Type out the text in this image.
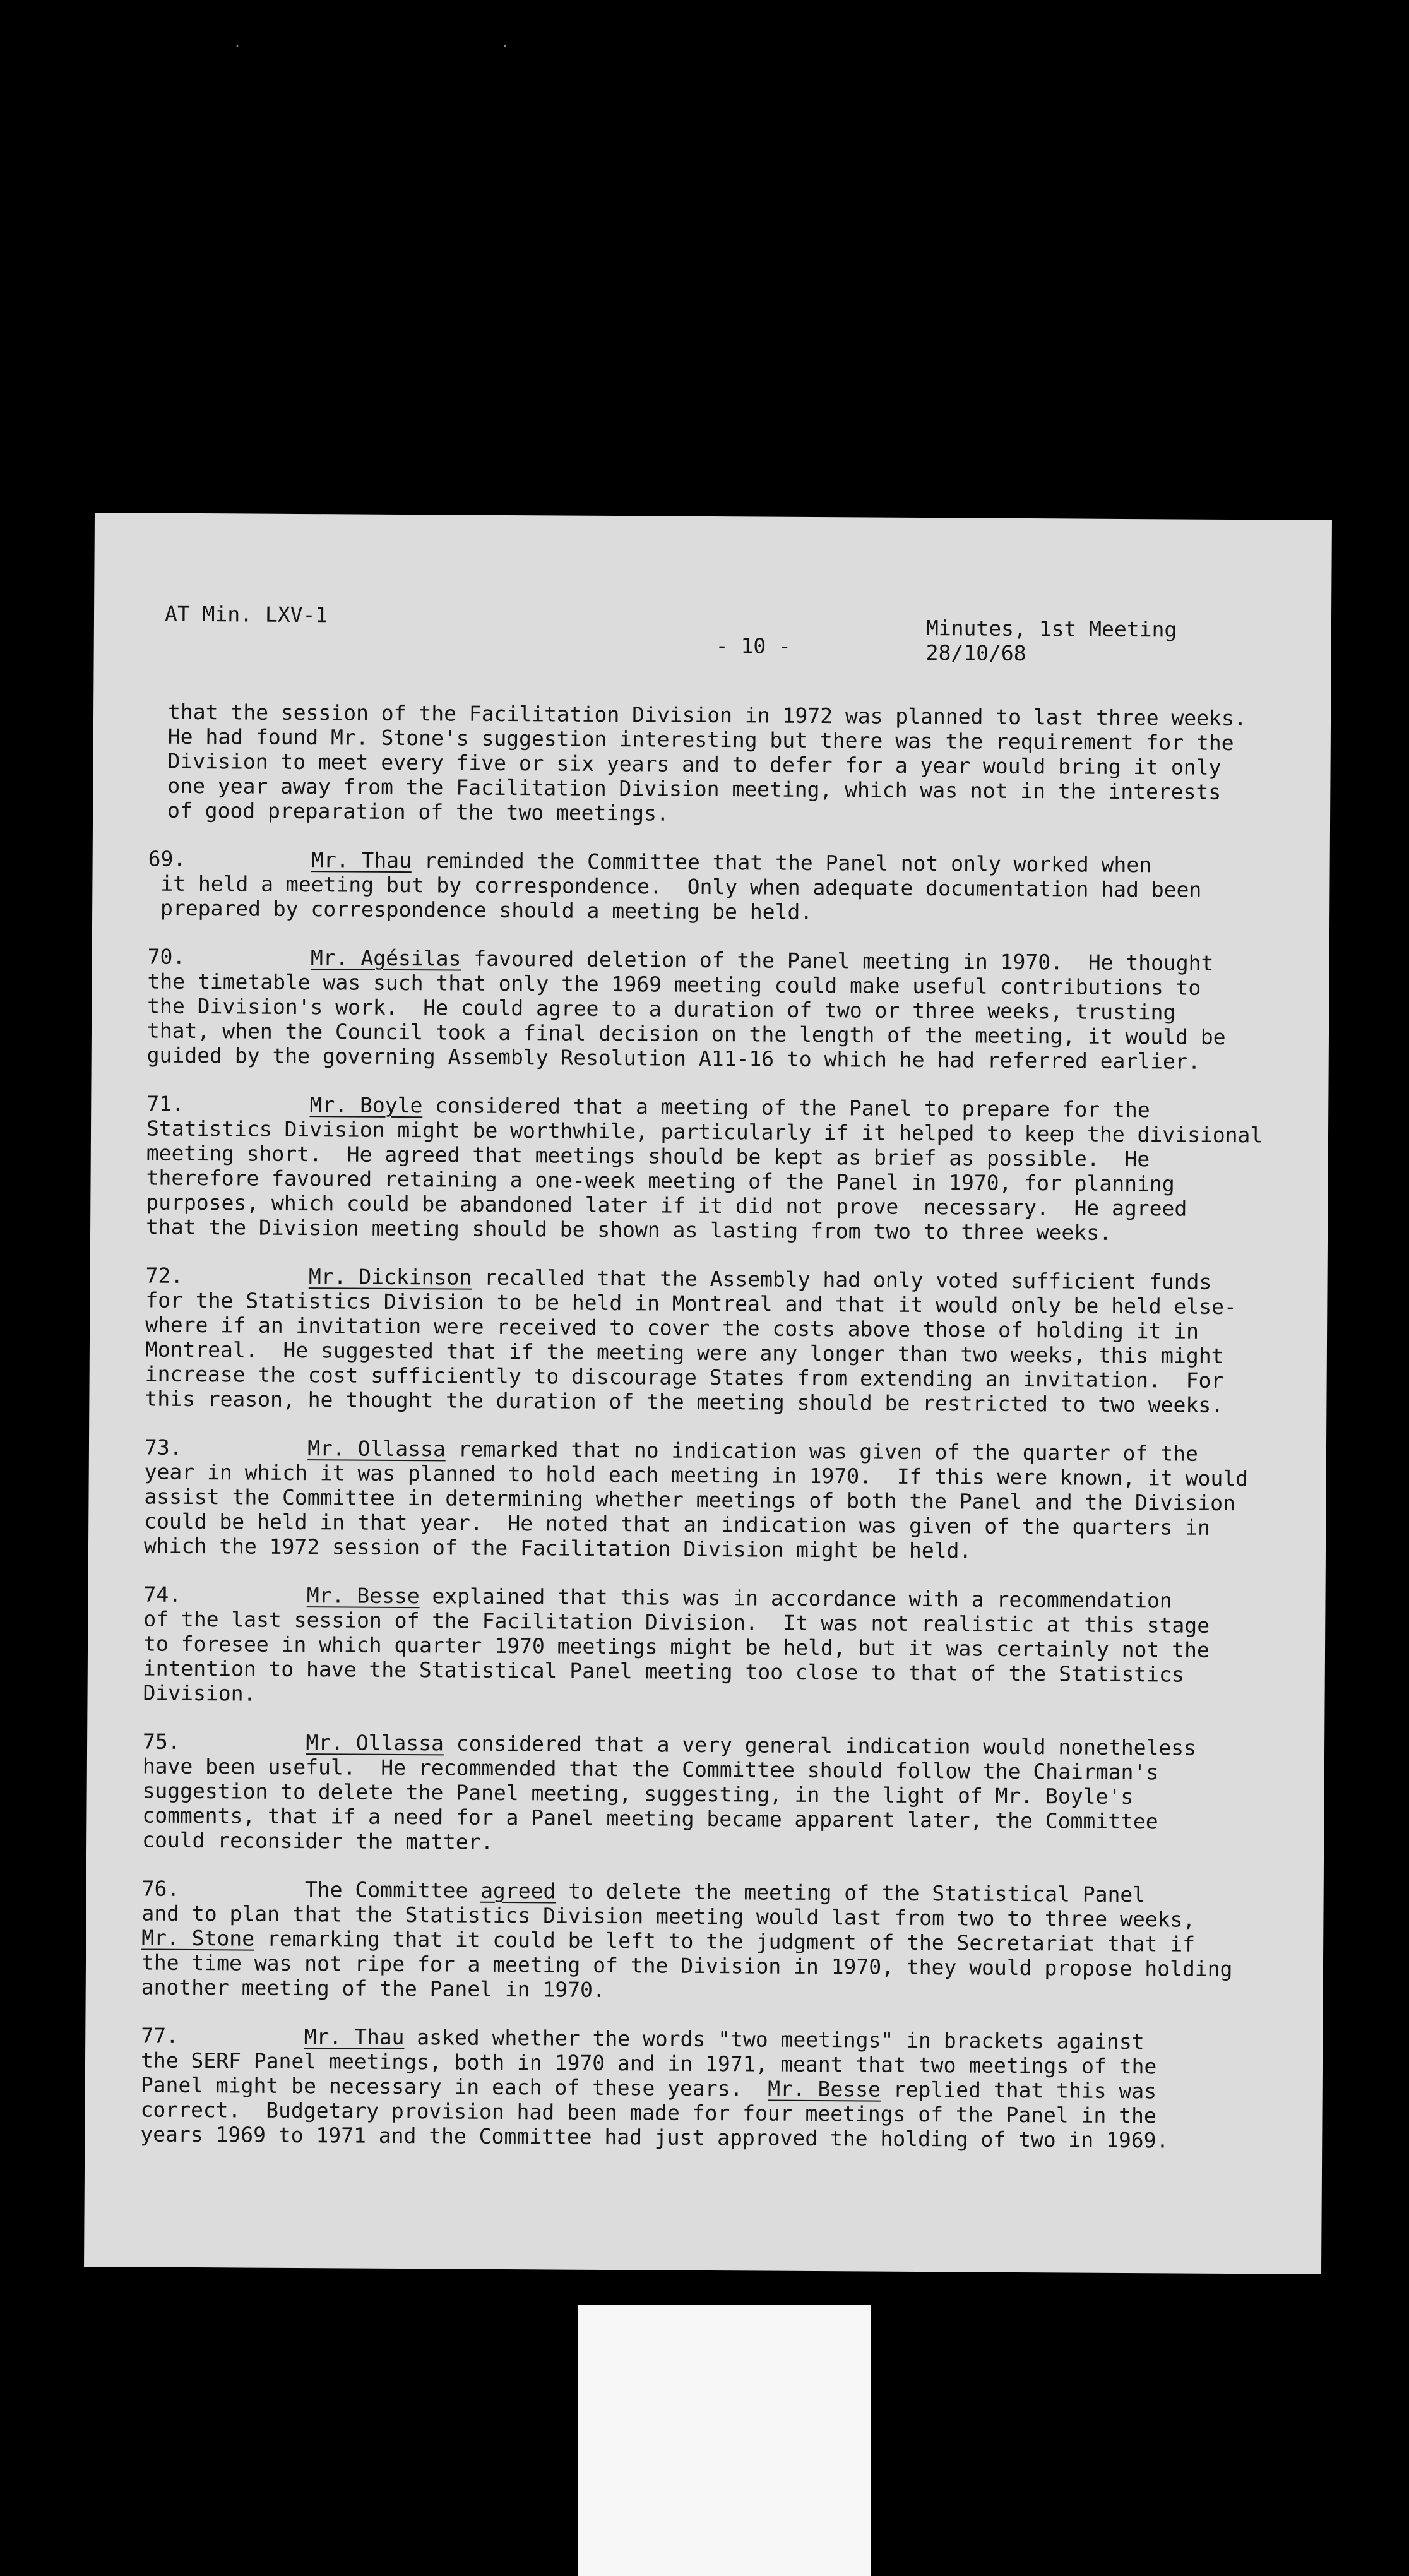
. .
AT Min. LXV-1
- 10 -
Minutes, 1st Meeting
28/10/68
that the session of the Facilitation Division in 1972 was planned to last three weeks.
He had found Mr. Stone's suggestion interesting but there was the requirement for the
Division to meet every five or six years and to defer for a year would bring it only
one year away from the Facilitation Division meeting, which was not in the interests
of good preparation of the two meetings.
69.	Mr. Thau reminded the Committee that the Panel not only worked when
it held a meeting but by correspondence.  Only when adequate documentation had been
prepared by correspondence should a meeting be held.
70.	Mr. Agésilas favoured deletion of the Panel meeting in 1970.  He thought
the timetable was such that only the 1969 meeting could make useful contributions to
the Division's work.  He could agree to a duration of two or three weeks, trusting
that, when the Council took a final decision on the length of the meeting, it would be
guided by the governing Assembly Resolution A11-16 to which he had referred earlier.
71.	Mr. Boyle considered that a meeting of the Panel to prepare for the
Statistics Division might be worthwhile, particularly if it helped to keep the divisional
meeting short.  He agreed that meetings should be kept as brief as possible.  He
therefore favoured retaining a one-week meeting of the Panel in 1970, for planning
purposes, which could be abandoned later if it did not prove  necessary.  He agreed
that the Division meeting should be shown as lasting from two to three weeks.
72.	Mr. Dickinson recalled that the Assembly had only voted sufficient funds
for the Statistics Division to be held in Montreal and that it would only be held else-
where if an invitation were received to cover the costs above those of holding it in
Montreal.  He suggested that if the meeting were any longer than two weeks, this might
increase the cost sufficiently to discourage States from extending an invitation.  For
this reason, he thought the duration of the meeting should be restricted to two weeks.
73.	Mr. Ollassa remarked that no indication was given of the quarter of the
year in which it was planned to hold each meeting in 1970.  If this were known, it would
assist the Committee in determining whether meetings of both the Panel and the Division
could be held in that year.  He noted that an indication was given of the quarters in
which the 1972 session of the Facilitation Division might be held.
74.	Mr. Besse explained that this was in accordance with a recommendation
of the last session of the Facilitation Division.  It was not realistic at this stage
to foresee in which quarter 1970 meetings might be held, but it was certainly not the
intention to have the Statistical Panel meeting too close to that of the Statistics
Division.
75.	Mr. Ollassa considered that a very general indication would nonetheless
have been useful.  He recommended that the Committee should follow the Chairman's
suggestion to delete the Panel meeting, suggesting, in the light of Mr. Boyle's
comments, that if a need for a Panel meeting became apparent later, the Committee
could reconsider the matter.
76.	The Committee agreed to delete the meeting of the Statistical Panel
and to plan that the Statistics Division meeting would last from two to three weeks,
Mr. Stone remarking that it could be left to the judgment of the Secretariat that if
the time was not ripe for a meeting of the Division in 1970, they would propose holding
another meeting of the Panel in 1970.
77.	Mr. Thau asked whether the words "two meetings" in brackets against
the SERF Panel meetings, both in 1970 and in 1971, meant that two meetings of the
Panel might be necessary in each of these years.  Mr. Besse replied that this was
correct.  Budgetary provision had been made for four meetings of the Panel in the
years 1969 to 1971 and the Committee had just approved the holding of two in 1969.
